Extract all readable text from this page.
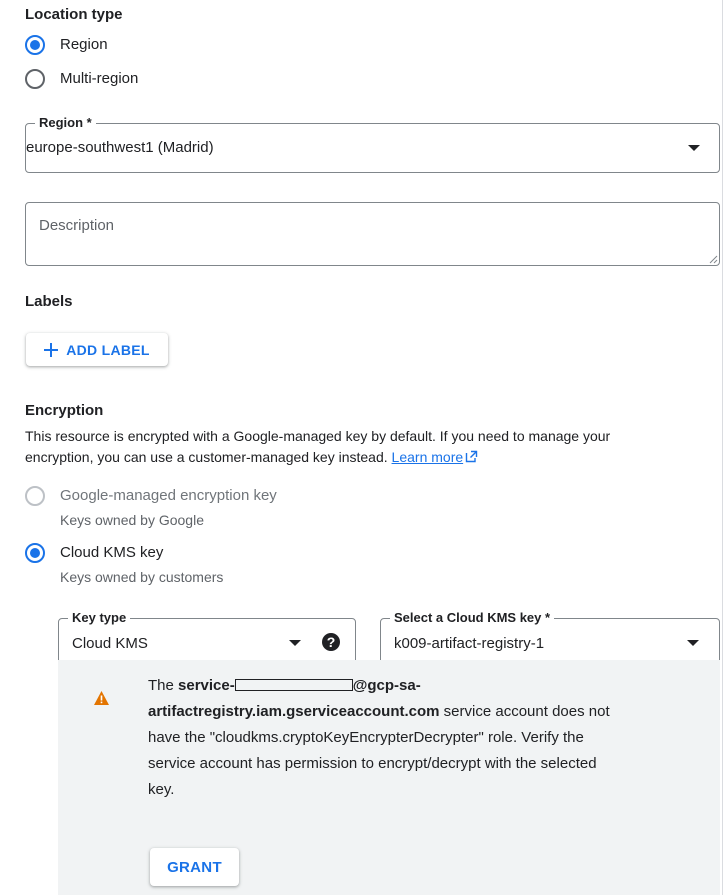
Location type
Region
Multi-region
Region *
europe-southwest1 (Madrid)
Description
Labels
ADD LABEL
Encryption
This resource is encrypted with a Google-managed key by default. If you need to manage your
encryption, you can use a customer-managed key instead. Learn more
Google-managed encryption key
Keys owned by Google
Cloud KMS key
Keys owned by customers
Key type
Cloud KMS	?
Select a Cloud KMS key *
k009-artifact-registry-1
The service-	@gcp-sa-
artifactregistry.iam.gserviceaccount.com service account does not
have the "cloudkms.cryptoKeyEncrypterDecrypter" role. Verify the
service account has permission to encrypt/decrypt with the selected
key.
GRANT
